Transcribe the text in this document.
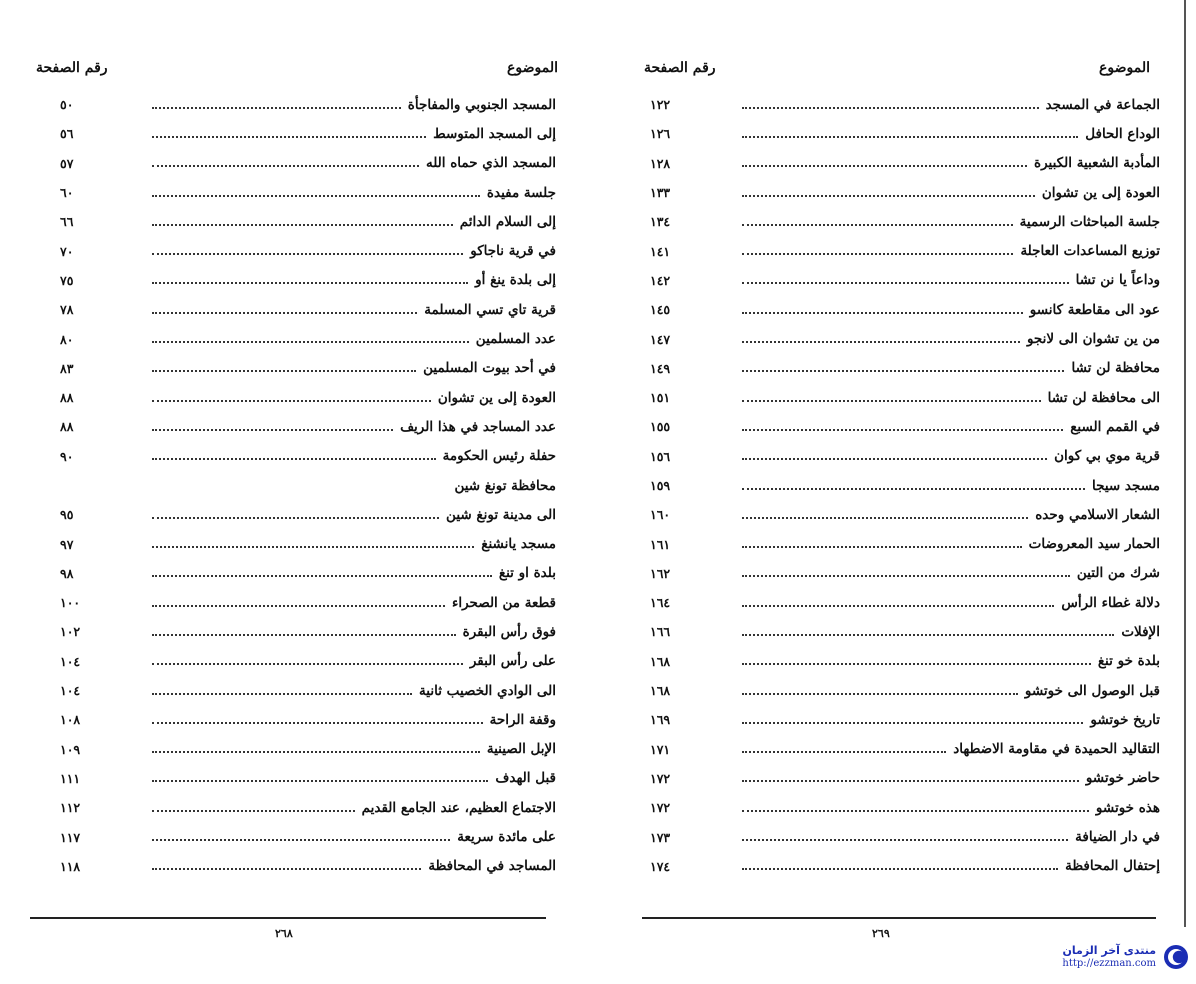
الموضوع
رقم الصفحة
المسجد الجنوبي والمفاجأة
٥٠
إلى المسجد المتوسط
٥٦
المسجد الذي حماه الله
٥٧
جلسة مفيدة
٦٠
إلى السلام الدائم
٦٦
في قرية ناجاكو
٧٠
إلى بلدة ينغ أو
٧٥
قرية تاي تسي المسلمة
٧٨
عدد المسلمين
٨٠
في أحد بيوت المسلمين
٨٣
العودة إلى ين تشوان
٨٨
عدد المساجد في هذا الريف
٨٨
حفلة رئيس الحكومة
٩٠
محافظة تونغ شين
الى مدينة تونغ شين
٩٥
مسجد يانشنغ
٩٧
بلدة او تنغ
٩٨
قطعة من الصحراء
١٠٠
فوق رأس البقرة
١٠٢
على رأس البقر
١٠٤
الى الوادي الخصيب ثانية
١٠٤
وقفة الراحة
١٠٨
الإبل الصينية
١٠٩
قبل الهدف
١١١
الاجتماع العظيم، عند الجامع القديم
١١٢
على مائدة سريعة
١١٧
المساجد في المحافظة
١١٨
٢٦٨
الموضوع
رقم الصفحة
الجماعة في المسجد
١٢٢
الوداع الحافل
١٢٦
المأدبة الشعبية الكبيرة
١٢٨
العودة إلى ين تشوان
١٣٣
جلسة المباحثات الرسمية
١٣٤
توزيع المساعدات العاجلة
١٤١
وداعاً يا نن تشا
١٤٢
عود الى مقاطعة كانسو
١٤٥
من ين تشوان الى لانجو
١٤٧
محافظة لن تشا
١٤٩
الى محافظة لن تشا
١٥١
في القمم السبع
١٥٥
قرية موي بي كوان
١٥٦
مسجد سيجا
١٥٩
الشعار الاسلامي وحده
١٦٠
الحمار سيد المعروضات
١٦١
شرك من التين
١٦٢
دلالة غطاء الرأس
١٦٤
الإفلات
١٦٦
بلدة خو تنغ
١٦٨
قبل الوصول الى خوتشو
١٦٨
تاريخ خوتشو
١٦٩
التقاليد الحميدة في مقاومة الاضطهاد
١٧١
حاضر خوتشو
١٧٢
هذه خوتشو
١٧٢
في دار الضيافة
١٧٣
إحتفال المحافظة
١٧٤
٢٦٩
منتدى آخر الزمان
http://ezzman.com
